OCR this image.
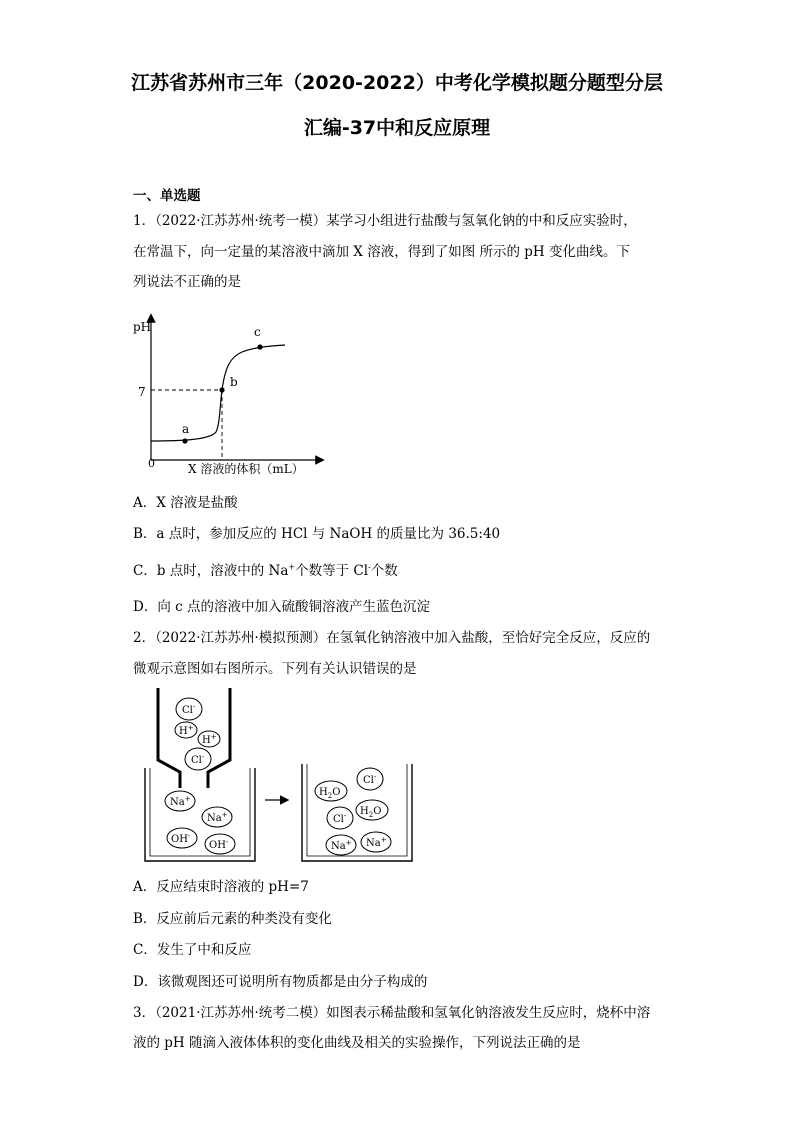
江苏省苏州市三年（2020-2022）中考化学模拟题分题型分层
汇编-37中和反应原理
一、单选题
1．（2022·江苏苏州·统考一模）某学习小组进行盐酸与氢氧化钠的中和反应实验时，
在常温下，向一定量的某溶液中滴加 X 溶液，得到了如图 所示的 pH 变化曲线。下
列说法不正确的是
pH
7
0	X 溶液的体积（mL）
a
b
c
A．X 溶液是盐酸
B．a 点时，参加反应的 HCl 与 NaOH 的质量比为 36.5:40
C．b 点时，溶液中的 Na+个数等于 Cl-个数
D．向 c 点的溶液中加入硫酸铜溶液产生蓝色沉淀
2．（2022·江苏苏州·模拟预测）在氢氧化钠溶液中加入盐酸，至恰好完全反应，反应的
微观示意图如右图所示。下列有关认识错误的是
Cl-
H+
H+
Cl-
Na+
Na+
OH-
OH-
$H_2O$
Cl-
$H_2O$
Cl-
Na+ Na+
A．反应结束时溶液的 pH=7
B．反应前后元素的种类没有变化
C．发生了中和反应
D．该微观图还可说明所有物质都是由分子构成的
3．（2021·江苏苏州·统考二模）如图表示稀盐酸和氢氧化钠溶液发生反应时，烧杯中溶
液的 pH 随滴入液体体积的变化曲线及相关的实验操作，下列说法正确的是
